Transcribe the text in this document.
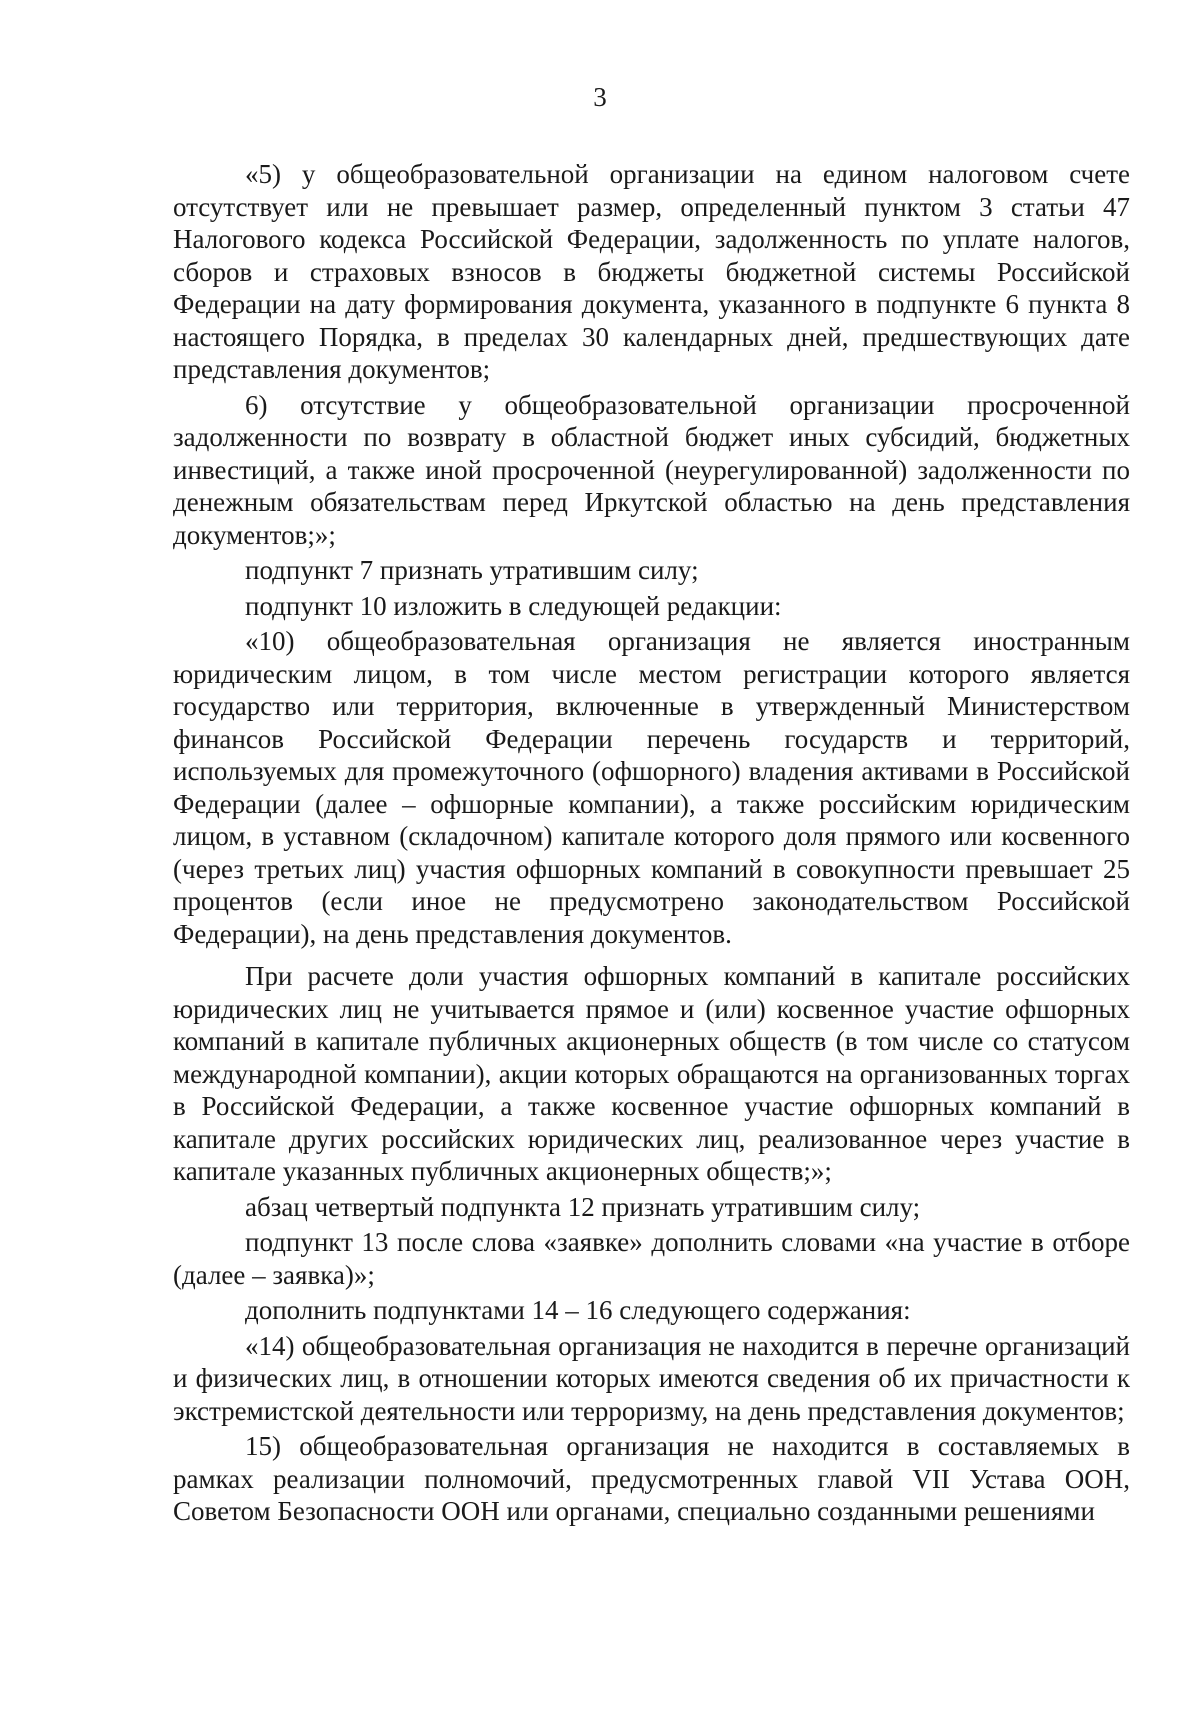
3

«5) у общеобразовательной организации на едином налоговом счете отсутствует или не превышает размер, определенный пунктом 3 статьи 47 Налогового кодекса Российской Федерации, задолженность по уплате налогов, сборов и страховых взносов в бюджеты бюджетной системы Российской Федерации на дату формирования документа, указанного в подпункте 6 пункта 8 настоящего Порядка, в пределах 30 календарных дней, предшествующих дате представления документов;

6) отсутствие у общеобразовательной организации просроченной задолженности по возврату в областной бюджет иных субсидий, бюджетных инвестиций, а также иной просроченной (неурегулированной) задолженности по денежным обязательствам перед Иркутской областью на день представления документов;»;

подпункт 7 признать утратившим силу;

подпункт 10 изложить в следующей редакции:

«10) общеобразовательная организация не является иностранным юридическим лицом, в том числе местом регистрации которого является государство или территория, включенные в утвержденный Министерством финансов Российской Федерации перечень государств и территорий, используемых для промежуточного (офшорного) владения активами в Российской Федерации (далее – офшорные компании), а также российским юридическим лицом, в уставном (складочном) капитале которого доля прямого или косвенного (через третьих лиц) участия офшорных компаний в совокупности превышает 25 процентов (если иное не предусмотрено законодательством Российской Федерации), на день представления документов.

При расчете доли участия офшорных компаний в капитале российских юридических лиц не учитывается прямое и (или) косвенное участие офшорных компаний в капитале публичных акционерных обществ (в том числе со статусом международной компании), акции которых обращаются на организованных торгах в Российской Федерации, а также косвенное участие офшорных компаний в капитале других российских юридических лиц, реализованное через участие в капитале указанных публичных акционерных обществ;»;

абзац четвертый подпункта 12 признать утратившим силу;

подпункт 13 после слова «заявке» дополнить словами «на участие в отборе (далее – заявка)»;

дополнить подпунктами 14 – 16 следующего содержания:

«14) общеобразовательная организация не находится в перечне организаций и физических лиц, в отношении которых имеются сведения об их причастности к экстремистской деятельности или терроризму, на день представления документов;

15) общеобразовательная организация не находится в составляемых в рамках реализации полномочий, предусмотренных главой VII Устава ООН, Советом Безопасности ООН или органами, специально созданными решениями
